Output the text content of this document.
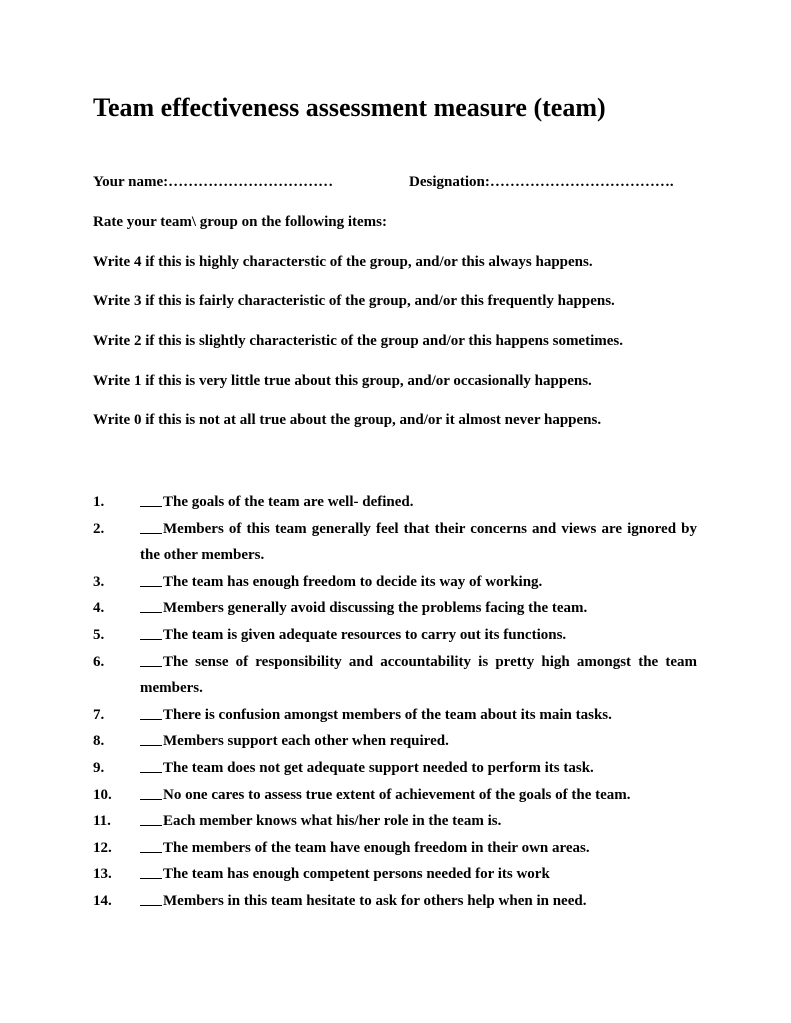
Team effectiveness assessment measure (team)
Your name:……………………………	Designation:……………………………….

Rate your team\ group on the following items:

Write 4 if this is highly characterstic of the group, and/or this always happens.

Write 3 if this is fairly characteristic of the group, and/or this frequently happens.

Write 2 if this is slightly characteristic of the group and/or this happens sometimes.

Write 1 if this is very little true about this group, and/or occasionally happens.

Write 0 if this is not at all true about the group, and/or it almost never happens.

1.	The goals of the team are well- defined.
2.	Members of this team generally feel that their concerns and views are ignored by the other members.
3.	The team has enough freedom to decide its way of working.
4.	Members generally avoid discussing the problems facing the team.
5.	The team is given adequate resources to carry out its functions.
6.	The sense of responsibility and accountability is pretty high amongst the team members.
7.	There is confusion amongst members of the team about its main tasks.
8.	Members support each other when required.
9.	The team does not get adequate support needed to perform its task.
10.	No one cares to assess true extent of achievement of the goals of the team.
11.	Each member knows what his/her role in the team is.
12.	The members of the team have enough freedom in their own areas.
13.	The team has enough competent persons needed for its work
14.	Members in this team hesitate to ask for others help when in need.
